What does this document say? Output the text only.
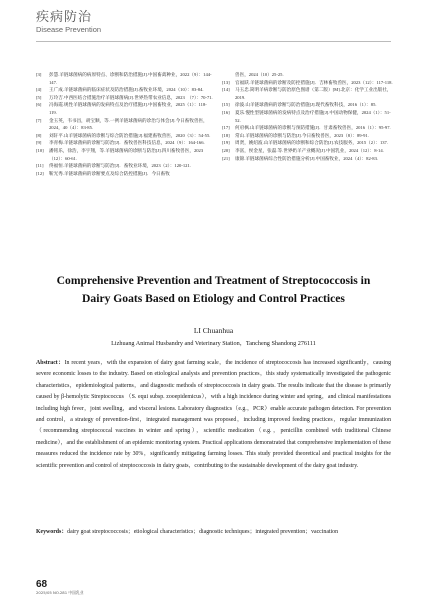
疾病防治
Disease Prevention
[3]	彭慧.羊链球菌病的病原特点、诊断和防治措施[J].中国畜禽种业，2022（9）：144-147.
[4]	王广成.羊链球菌病的临床症状及防治措施[J].畜牧业环境，2024（10）：83-84.
[5]	万玲吉.中西医结合措施治疗羊链球菌病[J].世界热带农业信息，2023　（7）：70-71.
[6]	冯海霞.规性羊链球菌病的发病特点及治疗措施[J].中国畜牧业，2025（1）：118-119.
[7]	金玉英，韦书昌，胡宝顺，等.一例羊链球菌病的诊治与体会[J].今日畜牧兽医，　2024，40（4）：83-85.
[8]	刘轩平.山羊链球菌病的诊断与综合防治措施[J].福建畜牧兽医，2020（3）：54-55.
[9]	李青梅.羊链球菌病的诊断与防治[J]．畜牧兽医科技信息，2024（9）：164-166.
[10]	潘铭乐，徐浩，李宇翔，等.羊链球菌病的诊断与防治[J].四川畜牧兽医，2023（12）：60-61.
[11]	佟福恒.羊链球菌病的诊断与防治[J]．畜牧业环境，2023（2）：120-121.
[12]	靳光秀.羊链球菌病的诊断要点及综合防控措施[J]．今日畜牧
兽医，2024（10）25-25.
[13]	官福跃.羊链球菌病的诊断及防控措施[J]．吉林畜牧兽医，2023（12）：117-118.
[14]	马玉忠.简明羊病诊断与防治原色图谱（第二版）[M].北京：化学工业出版社，2019.
[15]	徐波.山羊链球菌病的诊断与防治措施[J].现代畜牧科技，2016（1）：85.
[16]	夏乐.慢性型链球菌病的发病特点及治疗措施[J].中国动物保健，2024（1）：51-52.
[17]	何府枫.山羊链球菌病的诊断与预防措施[J]．甘肃畜牧兽医，2016（1）：95-97.
[18]	常山.羊链球菌病的诊断与防治[J].今日畜牧兽医，2023（8）：89-91.
[19]	周贤，姚绍波.山羊链球菌病的诊断和综合防治[J].农技服务，2015（2）：137.
[20]	李富，侯金星，张磊.等.世界奶羊产业概况[J].中国乳业，2024（12）：8-14.
[21]	康锦.羊链球菌病综合性防治措施分析[J].中国畜牧业，2024（4）：82-83.
Comprehensive Prevention and Treatment of Streptococcosis in
Dairy Goats Based on Etiology and Control Practices
LI Chuanhua
Lizhuang Animal Husbandry and Veterinary Station，Tancheng Shandong 276111
Abstract：In recent years，with the expansion of dairy goat farming scale，the incidence of streptococcosis has increased significantly，causing severe economic losses to the industry. Based on etiological analysis and prevention practices，this study systematically investigated the pathogenic characteristics，epidemiological patterns，and diagnostic methods of streptococcosis in dairy goats. The results indicate that the disease is primarily caused by β-hemolytic Streptococcus （S. equi subsp. zooepidemicus），with a high incidence during winter and spring，and clinical manifestations including high fever，joint swelling，and visceral lesions. Laboratory diagnostics（e.g.，PCR）enable accurate pathogen detection. For prevention and control，a strategy of prevention-first，integrated management was proposed，including improved feeding practices，regular immunization（recommending streptococcal vaccines in winter and spring），scientific medication（e.g.，penicillin combined with traditional Chinese medicine），and the establishment of an epidemic monitoring system. Practical applications demonstrated that comprehensive implementation of these measures reduced the incidence rate by 30%，significantly mitigating farming losses. This study provided theoretical and practical insights for the scientific prevention and control of streptococcosis in dairy goats，contributing to the sustainable development of the dairy goat industry.
Keywords：dairy goat streptococcosis；etiological characteristics；diagnostic techniques；integrated prevention；vaccination
68
2025/05 NO.281 中国乳业
